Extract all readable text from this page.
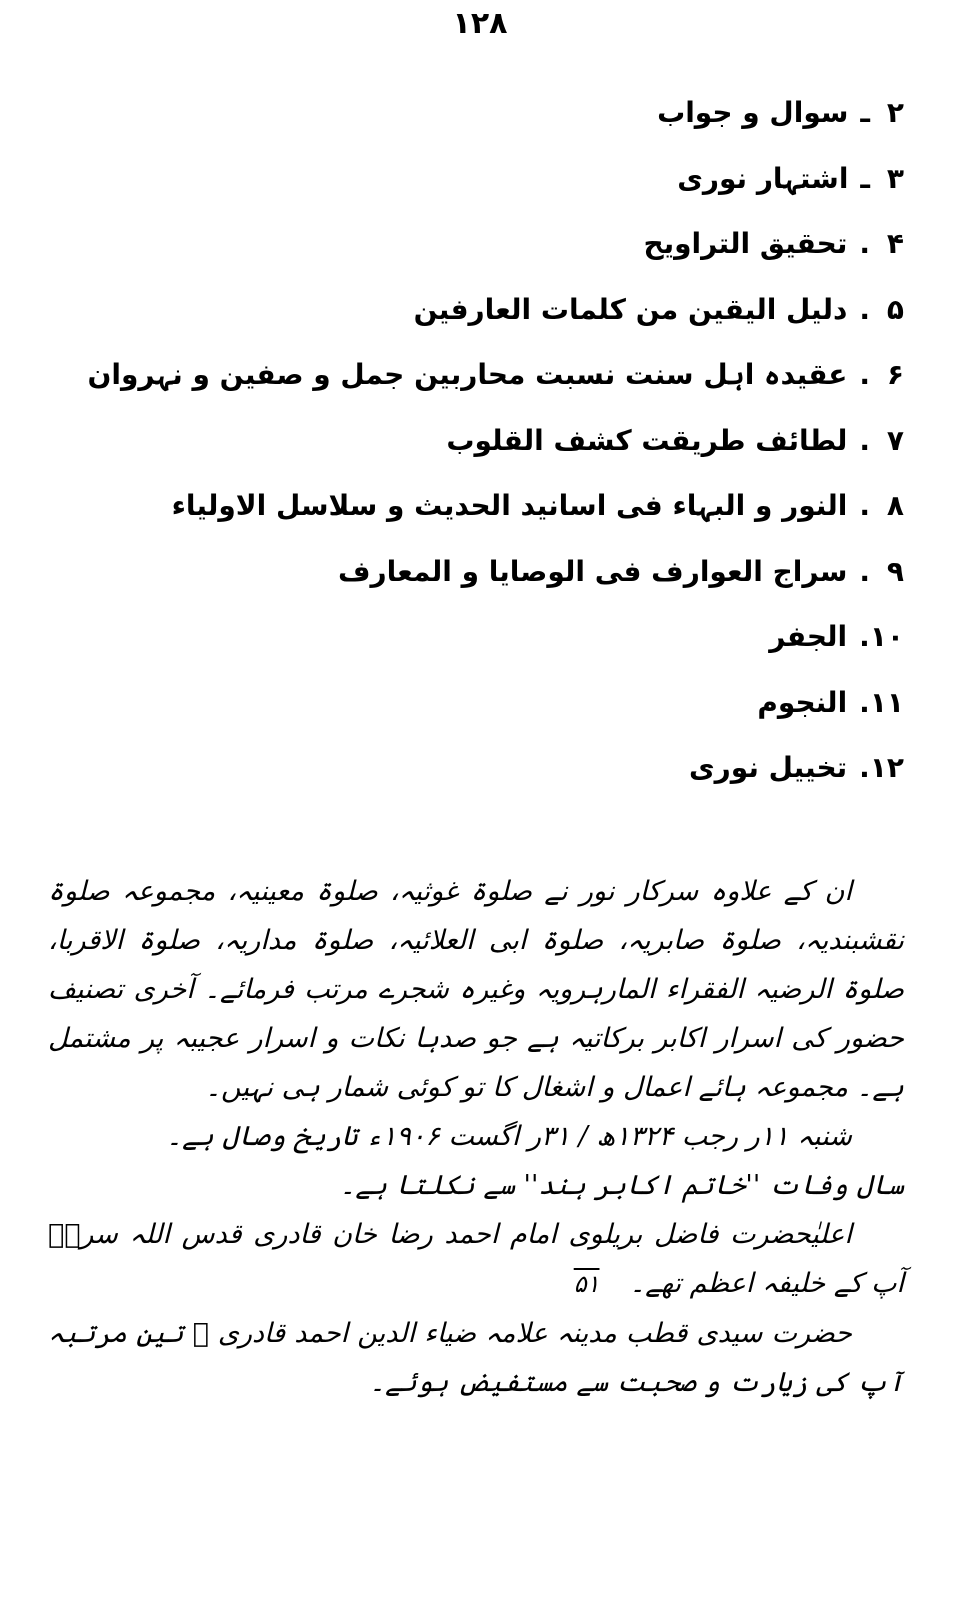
۱۲۸
۲
ـ
سوال و جواب
۳
ـ
اشتہار نوری
۴
.
تحقیق التراویح
۵
.
دلیل الیقین من کلمات العارفین
۶
.
عقیدہ اہل سنت نسبت محاربین جمل و صفین و نہروان
۷
.
لطائف طریقت کشف القلوب
۸
.
النور و البہاء فی اسانید الحدیث و سلاسل الاولیاء
۹
.
سراج العوارف فی الوصایا و المعارف
۱۰
.
الجفر
۱۱
.
النجوم
۱۲
.
تخییل نوری

ان کے علاوہ سرکار نور نے صلوۃ غوثیہ، صلوۃ معینیہ، مجموعہ صلوۃ نقشبندیہ، صلوۃ صابریہ، صلوۃ ابی العلائیہ، صلوۃ مداریہ، صلوۃ الاقربا، صلوۃ الرضیہ الفقراء المارہرویہ وغیرہ شجرے مرتب فرمائے۔ آخری تصنیف حضور کی اسرار اکابر برکاتیہ ہے جو صدہا نکات و اسرار عجیبہ پر مشتمل ہے۔ مجموعہ ہائے اعمال و اشغال کا تو کوئی شمار ہی نہیں۔

شنبہ ۱۱ر رجب ۱۳۲۴ھ / ۳۱ر اگست ۱۹۰۶ء تاریخ وصال ہے۔

سال وفات ''خاتم اکابر ہند'' سے نکلتا ہے۔

اعلیٰحضرت فاضل بریلوی امام احمد رضا خان قادری قدس اللہ سرہٗ آپ کے خلیفہ اعظم تھے۔۵۱

حضرت سیدی قطب مدینہ علامہ ضیاء الدین احمد قادری ﷫ تین مرتبہ آپ کی زیارت و صحبت سے مستفیض ہوئے۔
